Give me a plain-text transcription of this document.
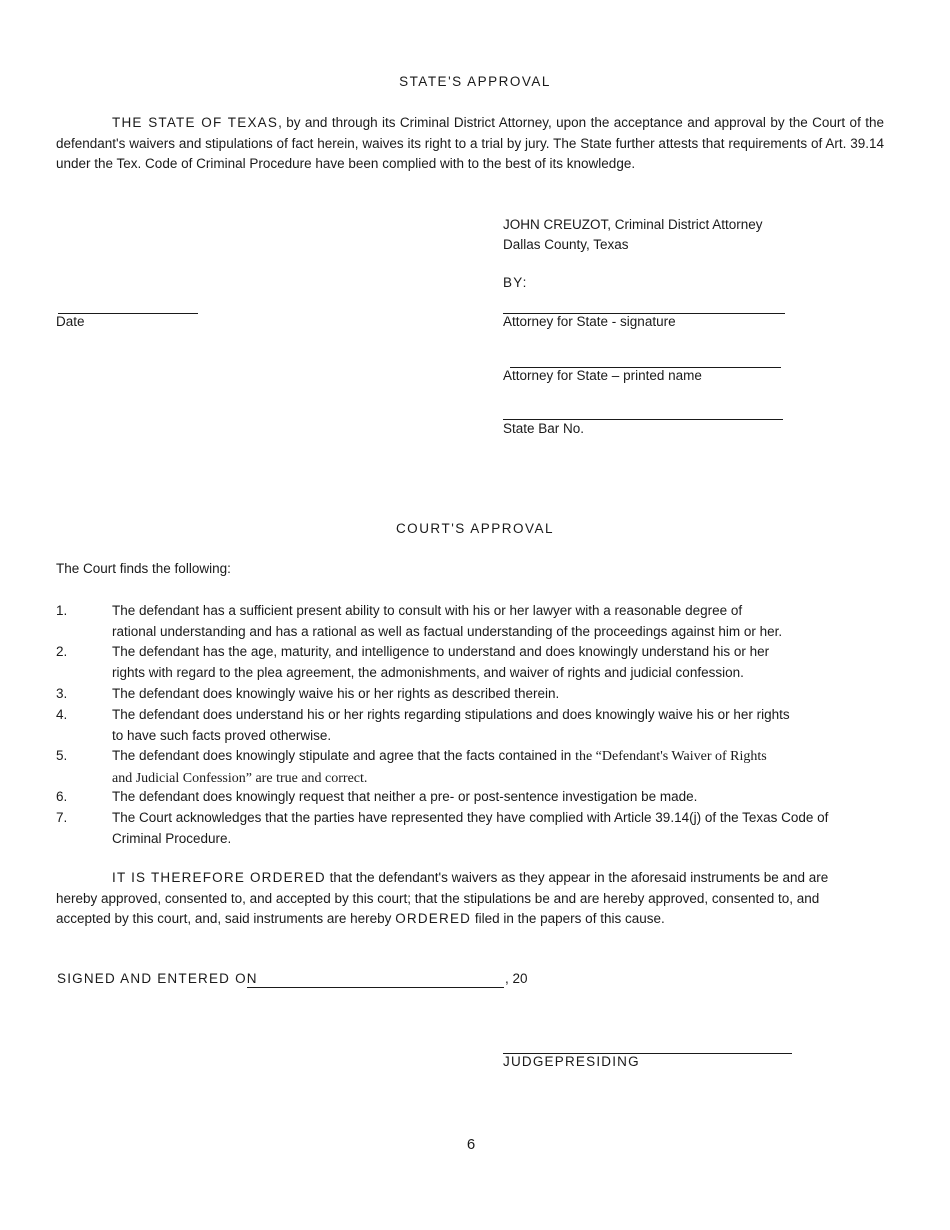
STATE'S APPROVAL
THE STATE OF TEXAS, by and through its Criminal District Attorney, upon the acceptance and approval by the Court of the defendant's waivers and stipulations of fact herein, waives its right to a trial by jury. The State further attests that requirements of Art. 39.14 under the Tex. Code of Criminal Procedure have been complied with to the best of its knowledge.
JOHN CREUZOT, Criminal District Attorney
Dallas County, Texas
BY:
Date	Attorney for State - signature
Attorney for State – printed name
State Bar No.
COURT'S APPROVAL
The Court finds the following:
1.	The defendant has a sufficient present ability to consult with his or her lawyer with a reasonable degree of
rational understanding and has a rational as well as factual understanding of the proceedings against him or her.
2.	The defendant has the age, maturity, and intelligence to understand and does knowingly understand his or her
rights with regard to the plea agreement, the admonishments, and waiver of rights and judicial confession.
3.	The defendant does knowingly waive his or her rights as described therein.
4.	The defendant does understand his or her rights regarding stipulations and does knowingly waive his or her rights
to have such facts proved otherwise.
5.	The defendant does knowingly stipulate and agree that the facts contained in the “Defendant's Waiver of Rights
and Judicial Confession” are true and correct.
6.	The defendant does knowingly request that neither a pre- or post-sentence investigation be made.
7.	The Court acknowledges that the parties have represented they have complied with Article 39.14(j) of the Texas Code of
Criminal Procedure.
IT IS THEREFORE ORDERED that the defendant's waivers as they appear in the aforesaid instruments be and are hereby approved, consented to, and accepted by this court; that the stipulations be and are hereby approved, consented to, and accepted by this court, and, said instruments are hereby ORDERED filed in the papers of this cause.
SIGNED AND ENTERED ON	, 20
JUDGEPRESIDING
6
